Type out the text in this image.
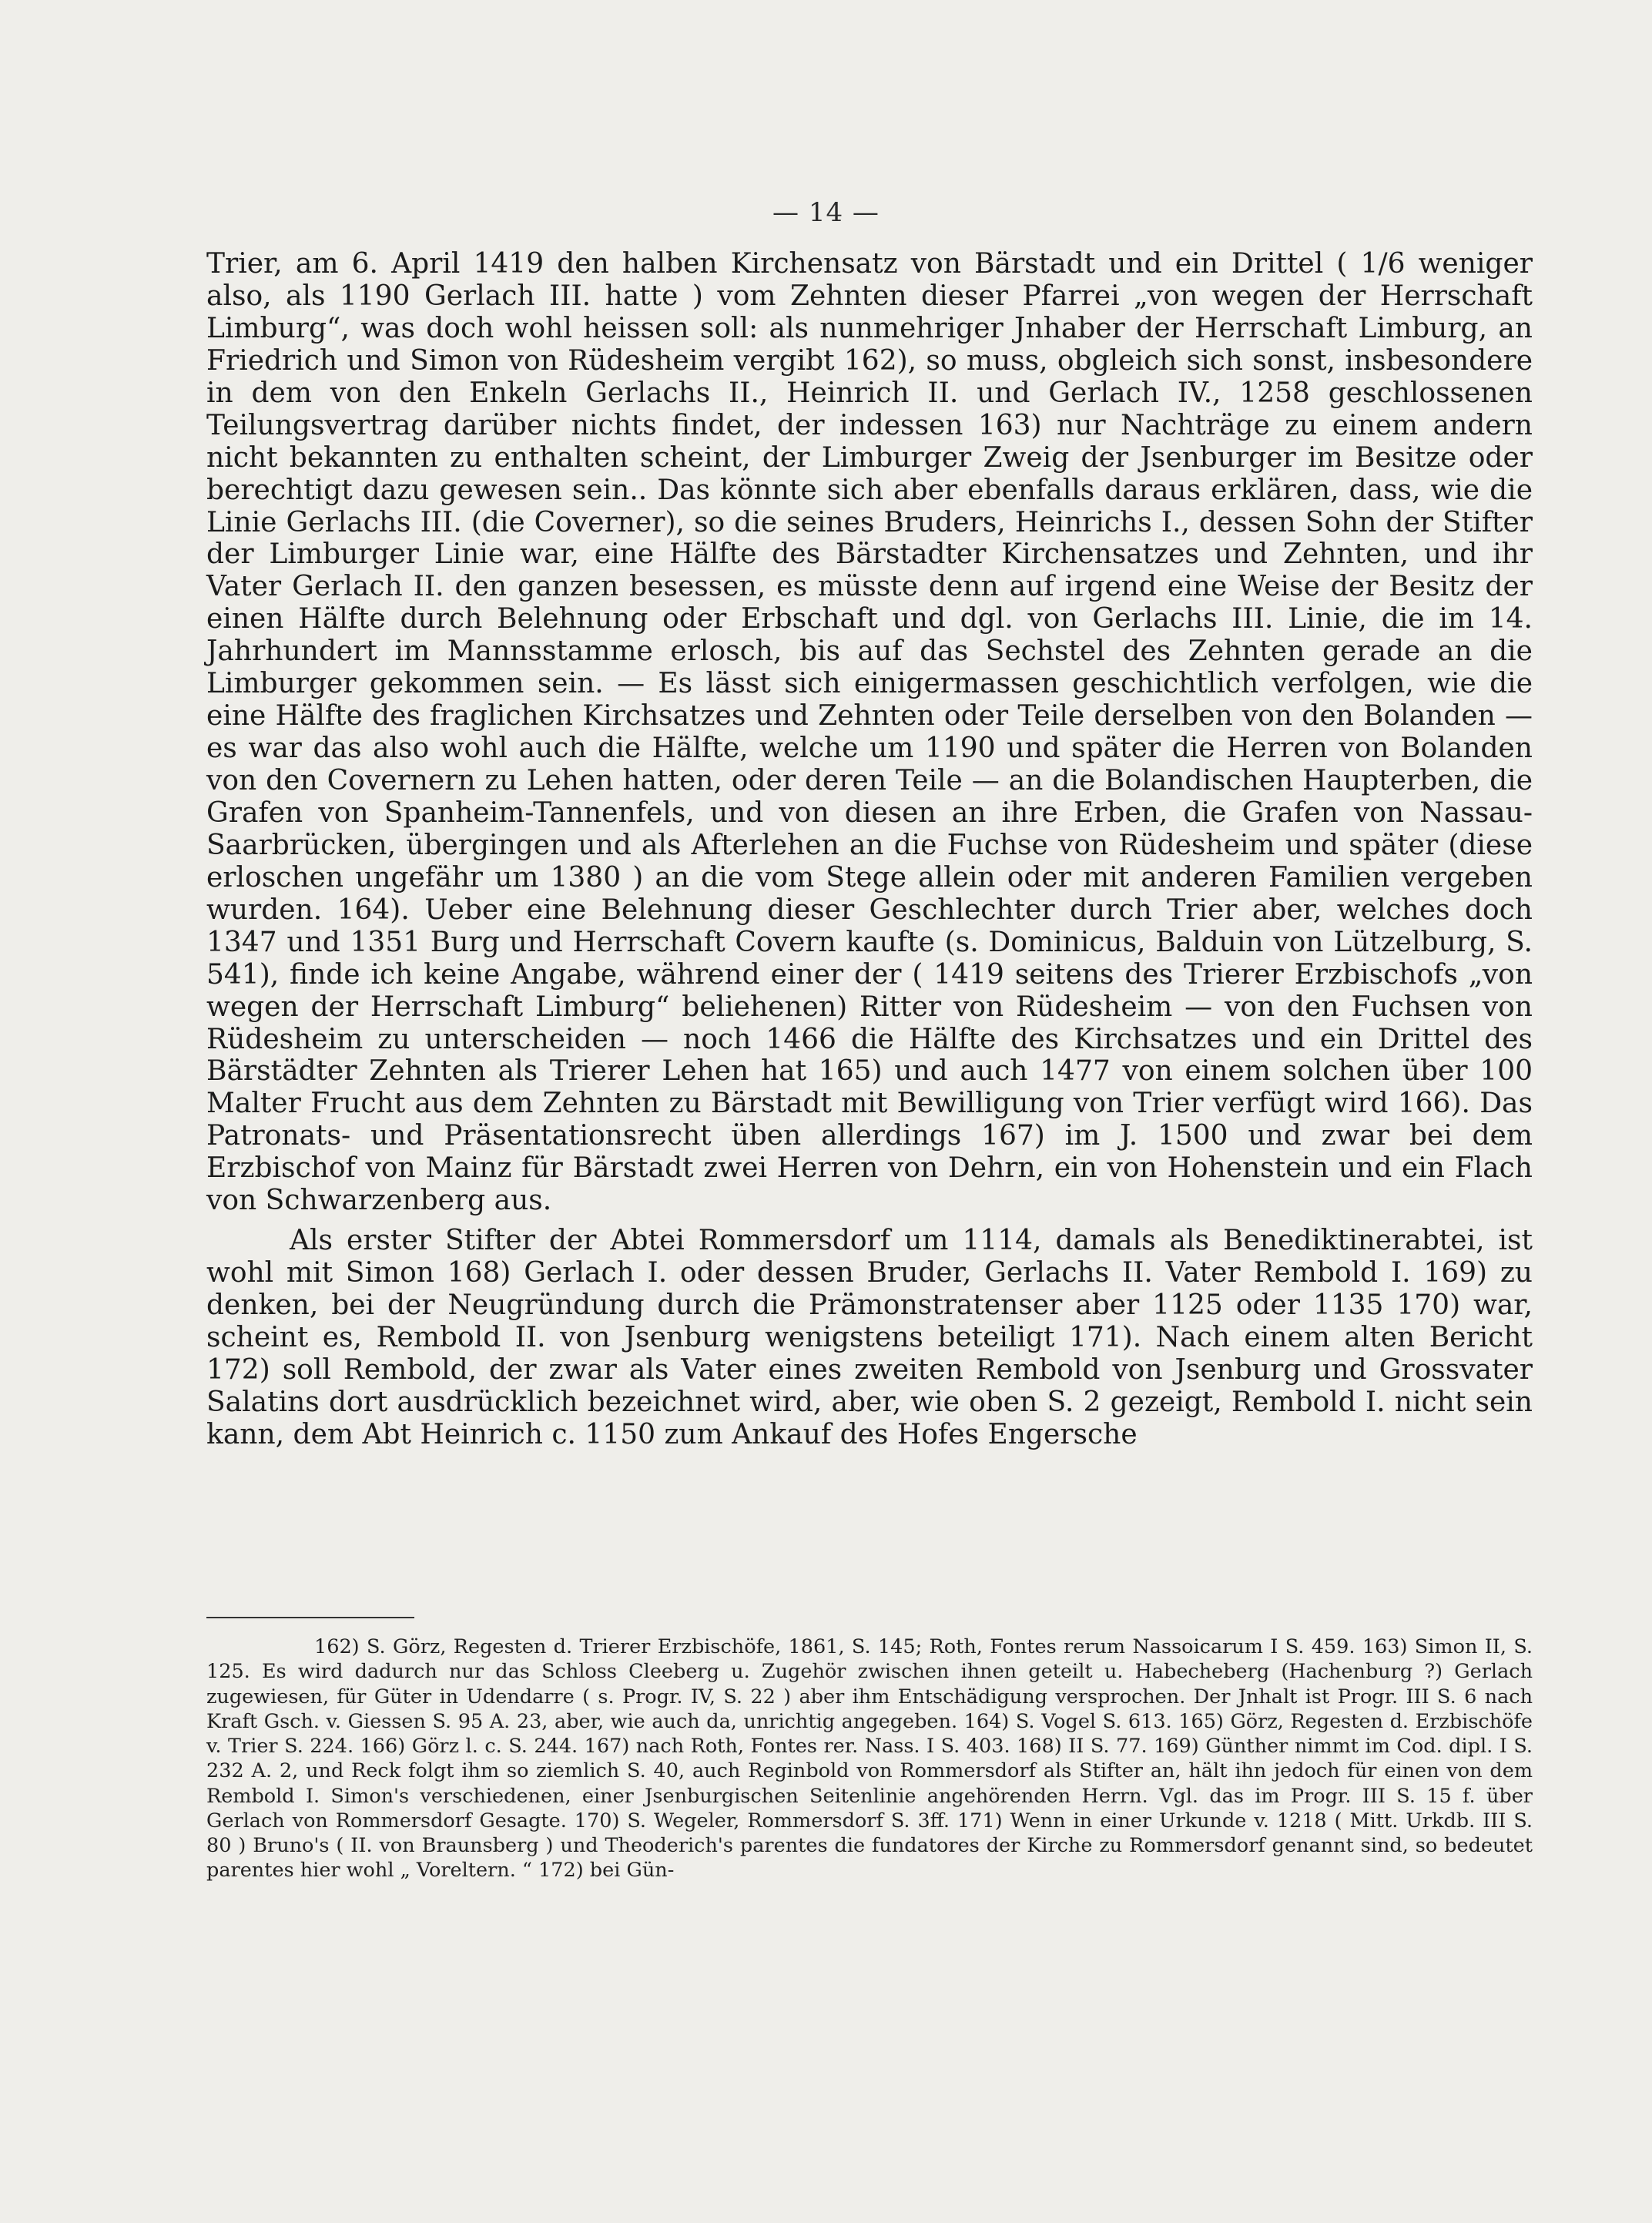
— 14 —

Trier, am 6. April 1419 den halben Kirchensatz von Bärstadt und ein Drittel ( 1/6 weniger also, als 1190 Gerlach III. hatte ) vom Zehnten dieser Pfarrei „von wegen der Herrschaft Limburg“, was doch wohl heissen soll: als nunmehriger Jnhaber der Herrschaft Limburg, an Friedrich und Simon von Rüdesheim vergibt 162), so muss, obgleich sich sonst, insbesondere in dem von den Enkeln Gerlachs II., Heinrich II. und Gerlach IV., 1258 geschlossenen Teilungsvertrag darüber nichts findet, der indessen 163) nur Nachträge zu einem andern nicht bekannten zu enthalten scheint, der Limburger Zweig der Jsenburger im Besitze oder berechtigt dazu gewesen sein.. Das könnte sich aber ebenfalls daraus erklären, dass, wie die Linie Gerlachs III. (die Coverner), so die seines Bruders, Heinrichs I., dessen Sohn der Stifter der Limburger Linie war, eine Hälfte des Bärstadter Kirchensatzes und Zehnten, und ihr Vater Gerlach II. den ganzen besessen, es müsste denn auf irgend eine Weise der Besitz der einen Hälfte durch Belehnung oder Erbschaft und dgl. von Gerlachs III. Linie, die im 14. Jahrhundert im Mannsstamme erlosch, bis auf das Sechstel des Zehnten gerade an die Limburger gekommen sein. — Es lässt sich einigermassen geschichtlich verfolgen, wie die eine Hälfte des fraglichen Kirchsatzes und Zehnten oder Teile derselben von den Bolanden — es war das also wohl auch die Hälfte, welche um 1190 und später die Herren von Bolanden von den Covernern zu Lehen hatten, oder deren Teile — an die Bolandischen Haupterben, die Grafen von Spanheim-Tannenfels, und von diesen an ihre Erben, die Grafen von Nassau-Saarbrücken, übergingen und als Afterlehen an die Fuchse von Rüdesheim und später (diese erloschen ungefähr um 1380 ) an die vom Stege allein oder mit anderen Familien vergeben wurden. 164). Ueber eine Belehnung dieser Geschlechter durch Trier aber, welches doch 1347 und 1351 Burg und Herrschaft Covern kaufte (s. Dominicus, Balduin von Lützelburg, S. 541), finde ich keine Angabe, während einer der ( 1419 seitens des Trierer Erzbischofs „von wegen der Herrschaft Limburg“ beliehenen) Ritter von Rüdesheim — von den Fuchsen von Rüdesheim zu unterscheiden — noch 1466 die Hälfte des Kirchsatzes und ein Drittel des Bärstädter Zehnten als Trierer Lehen hat 165) und auch 1477 von einem solchen über 100 Malter Frucht aus dem Zehnten zu Bärstadt mit Bewilligung von Trier verfügt wird 166). Das Patronats- und Präsentationsrecht üben allerdings 167) im J. 1500 und zwar bei dem Erzbischof von Mainz für Bärstadt zwei Herren von Dehrn, ein von Hohenstein und ein Flach von Schwarzenberg aus.

Als erster Stifter der Abtei Rommersdorf um 1114, damals als Benediktinerabtei, ist wohl mit Simon 168) Gerlach I. oder dessen Bruder, Gerlachs II. Vater Rembold I. 169) zu denken, bei der Neugründung durch die Prämonstratenser aber 1125 oder 1135 170) war, scheint es, Rembold II. von Jsenburg wenigstens beteiligt 171). Nach einem alten Bericht 172) soll Rembold, der zwar als Vater eines zweiten Rembold von Jsenburg und Grossvater Salatins dort ausdrücklich bezeichnet wird, aber, wie oben S. 2 gezeigt, Rembold I. nicht sein kann, dem Abt Heinrich c. 1150 zum Ankauf des Hofes Engersche

162) S. Görz, Regesten d. Trierer Erzbischöfe, 1861, S. 145; Roth, Fontes rerum Nassoicarum I S. 459. 163) Simon II, S. 125. Es wird dadurch nur das Schloss Cleeberg u. Zugehör zwischen ihnen geteilt u. Habecheberg (Hachenburg ?) Gerlach zugewiesen, für Güter in Udendarre ( s. Progr. IV, S. 22 ) aber ihm Entschädigung versprochen. Der Jnhalt ist Progr. III S. 6 nach Kraft Gsch. v. Giessen S. 95 A. 23, aber, wie auch da, unrichtig angegeben. 164) S. Vogel S. 613. 165) Görz, Regesten d. Erzbischöfe v. Trier S. 224. 166) Görz l. c. S. 244. 167) nach Roth, Fontes rer. Nass. I S. 403. 168) II S. 77. 169) Günther nimmt im Cod. dipl. I S. 232 A. 2, und Reck folgt ihm so ziemlich S. 40, auch Reginbold von Rommersdorf als Stifter an, hält ihn jedoch für einen von dem Rembold I. Simon's verschiedenen, einer Jsenburgischen Seitenlinie angehörenden Herrn. Vgl. das im Progr. III S. 15 f. über Gerlach von Rommersdorf Gesagte. 170) S. Wegeler, Rommersdorf S. 3ff. 171) Wenn in einer Urkunde v. 1218 ( Mitt. Urkdb. III S. 80 ) Bruno's ( II. von Braunsberg ) und Theoderich's parentes die fundatores der Kirche zu Rommersdorf genannt sind, so bedeutet parentes hier wohl „ Voreltern. “ 172) bei Gün-
